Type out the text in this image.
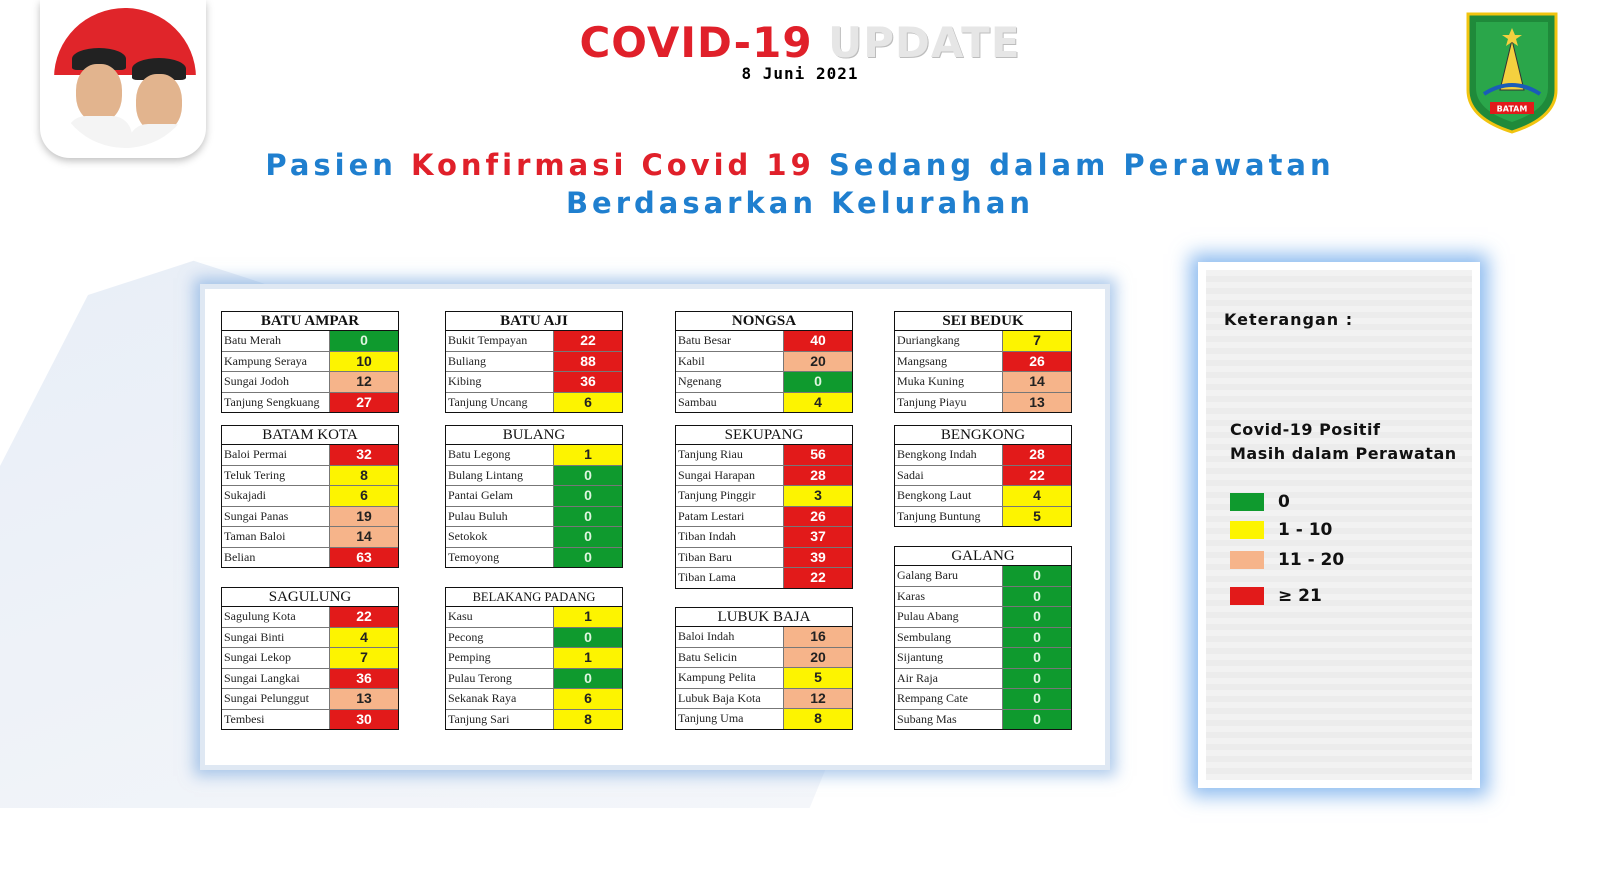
COVID-19 UPDATE
8 Juni 2021
BATAM
Pasien Konfirmasi Covid 19 Sedang dalam Perawatan
Berdasarkan Kelurahan
BATU AMPAR
Batu Merah	0
Kampung Seraya	10
Sungai Jodoh	12
Tanjung Sengkuang	27
BATU AJI
Bukit Tempayan	22
Buliang	88
Kibing	36
Tanjung Uncang	6
NONGSA
Batu Besar	40
Kabil	20
Ngenang	0
Sambau	4
SEI BEDUK
Duriangkang	7
Mangsang	26
Muka Kuning	14
Tanjung Piayu	13
BATAM KOTA
Baloi Permai	32
Teluk Tering	8
Sukajadi	6
Sungai Panas	19
Taman Baloi	14
Belian	63
BULANG
Batu Legong	1
Bulang Lintang	0
Pantai Gelam	0
Pulau Buluh	0
Setokok	0
Temoyong	0
SEKUPANG
Tanjung Riau	56
Sungai Harapan	28
Tanjung Pinggir	3
Patam Lestari	26
Tiban Indah	37
Tiban Baru	39
Tiban Lama	22
BENGKONG
Bengkong Indah	28
Sadai	22
Bengkong Laut	4
Tanjung Buntung	5
SAGULUNG
Sagulung Kota	22
Sungai Binti	4
Sungai Lekop	7
Sungai Langkai	36
Sungai Pelunggut	13
Tembesi	30
BELAKANG PADANG
Kasu	1
Pecong	0
Pemping	1
Pulau Terong	0
Sekanak Raya	6
Tanjung Sari	8
LUBUK BAJA
Baloi Indah	16
Batu Selicin	20
Kampung Pelita	5
Lubuk Baja Kota	12
Tanjung Uma	8
GALANG
Galang Baru	0
Karas	0
Pulau Abang	0
Sembulang	0
Sijantung	0
Air Raja	0
Rempang Cate	0
Subang Mas	0
Keterangan :
Covid-19 Positif
Masih dalam Perawatan
0
1 - 10
11 - 20
≥ 21
